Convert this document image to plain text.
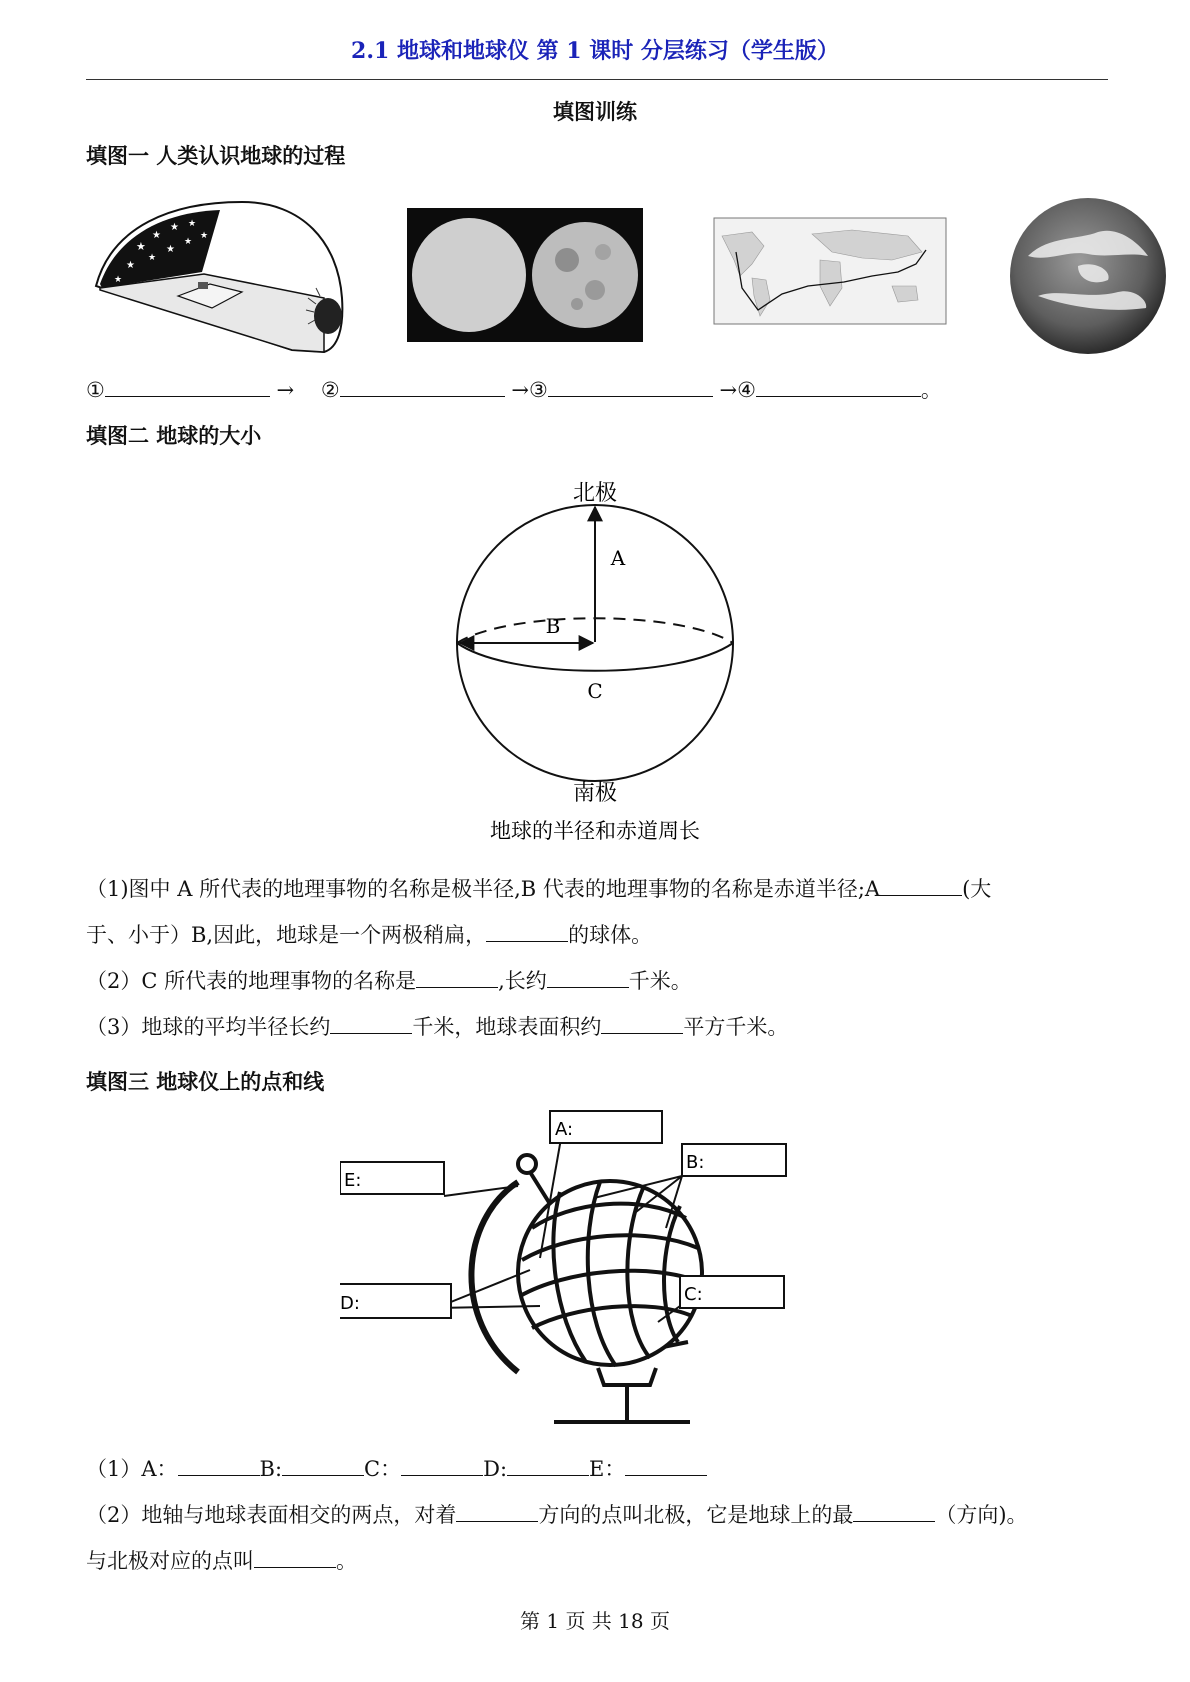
2.1 地球和地球仪 第 1 课时 分层练习（学生版）
填图训练
填图一 人类认识地球的过程
★
★
★ ★
★
★
★
★
★
★
①	→ ②	→③	→④	。
填图二 地球的大小
北极
南极
A
B
C
地球的半径和赤道周长
（1)图中 A 所代表的地理事物的名称是极半径,B 代表的地理事物的名称是赤道半径;A	(大
于、小于）B,因此，地球是一个两极稍扁，	的球体。
（2）C 所代表的地理事物的名称是	,长约	千米。
（3）地球的平均半径长约	千米，地球表面积约	平方千米。
填图三 地球仪上的点和线
A:
B:
C:
D:
E:
（1）A：	B:	C：	D:	E：
（2）地轴与地球表面相交的两点，对着	方向的点叫北极，它是地球上的最	（方向)。
与北极对应的点叫	。
第 1 页 共 18 页
